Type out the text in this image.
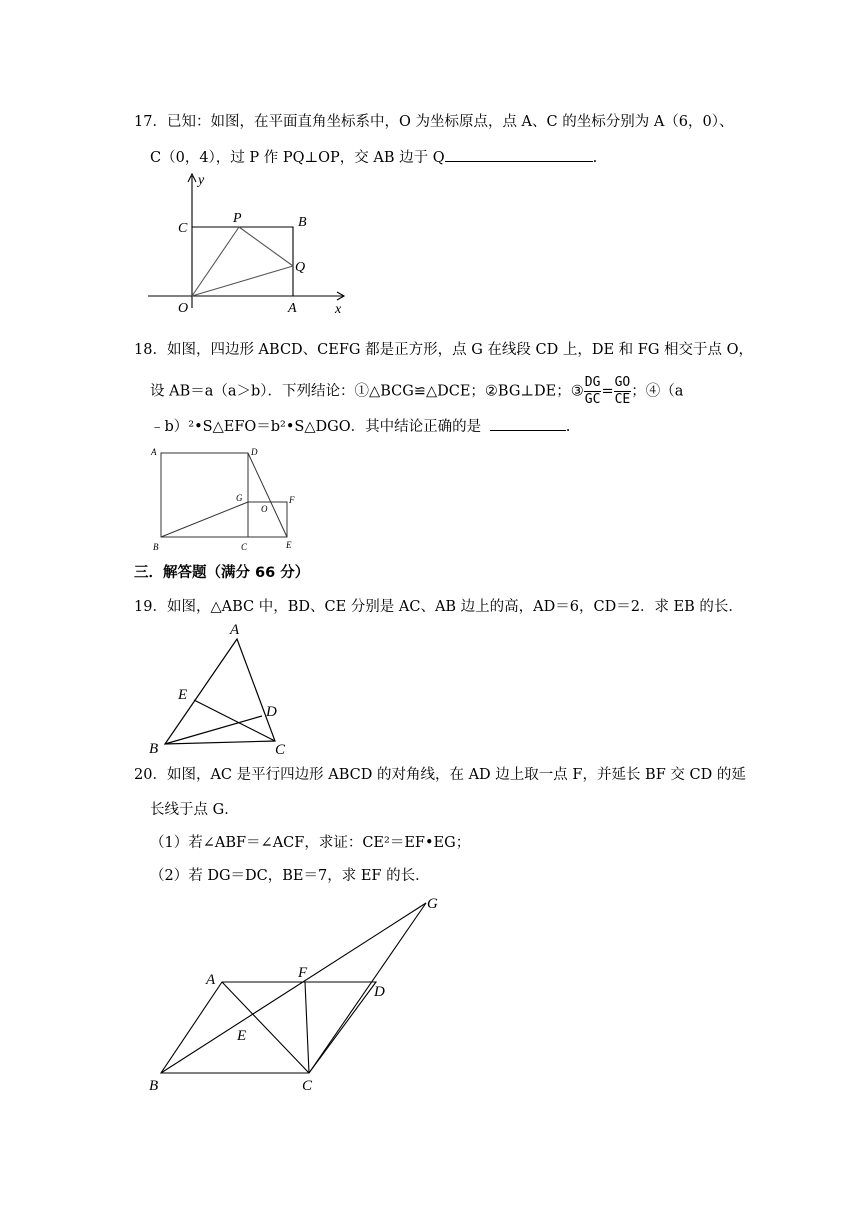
17．已知：如图，在平面直角坐标系中，O 为坐标原点，点 A、C 的坐标分别为 A（6，0）、
C（0，4），过 P 作 PQ⊥OP，交 AB 边于 Q	.
y
x
C
P	B
Q
O	A
18．如图，四边形 ABCD、CEFG 都是正方形，点 G 在线段 CD 上，DE 和 FG 相交于点 O，
设 AB＝a（a＞b）．下列结论：①△BCG≌△DCE；②BG⊥DE；③ $\frac{DG}{GC} = \frac{GO}{CE}$ ；④（a
﹣b）²•S△EFO＝b²•S△DGO．其中结论正确的是	.
A	D
G	F
O
B	C	E
三．解答题（满分 66 分）
19．如图，△ABC 中，BD、CE 分别是 AC、AB 边上的高，AD＝6，CD＝2．求 EB 的长．
A
E
D
B	C
20．如图，AC 是平行四边形 ABCD 的对角线，在 AD 边上取一点 F，并延长 BF 交 CD 的延
长线于点 G．
（1）若∠ABF＝∠ACF，求证：CE²＝EF•EG；
（2）若 DG＝DC，BE＝7，求 EF 的长．
G
A	F
D
E
B	C
